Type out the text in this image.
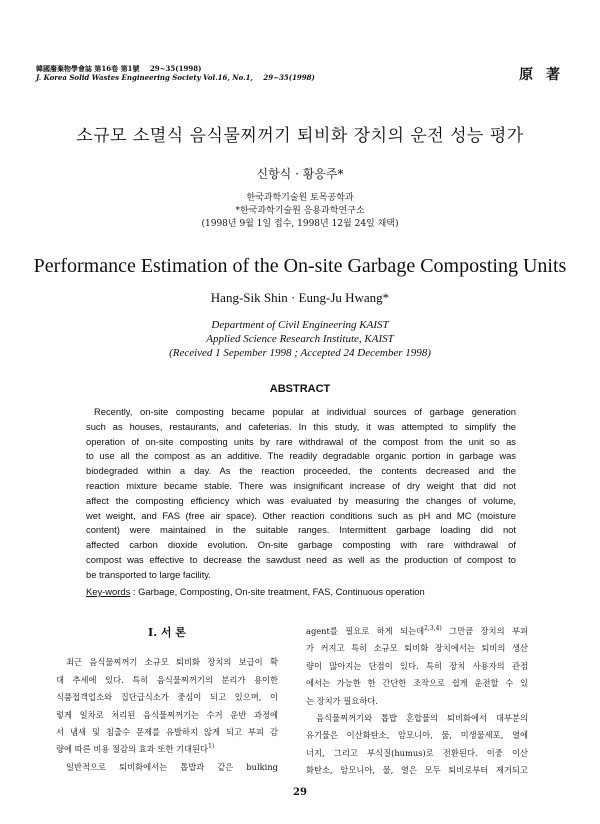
韓國廢棄物學會誌 第16卷 第1號 29~35(1998)
J. Korea Solid Wastes Engineering Society Vol.16, No.1, 29~35(1998)	原 著
소규모 소멸식 음식물찌꺼기 퇴비화 장치의 운전 성능 평가
신항식 · 황응주*
한국과학기술원 토목공학과
*한국과학기술원 응용과학연구소
(1998년 9월 1일 접수, 1998년 12월 24일 채택)
Performance Estimation of the On-site Garbage Composting Units
Hang-Sik Shin · Eung-Ju Hwang*
Department of Civil Engineering KAIST
Applied Science Research Institute, KAIST
(Received 1 Sepember 1998 ; Accepted 24 December 1998)
ABSTRACT
Recently, on-site composting became popular at individual sources of garbage generation
such as houses, restaurants, and cafeterias. In this study, it was attempted to simplify the
operation of on-site composting units by rare withdrawal of the compost from the unit so as
to use all the compost as an additive. The readily degradable organic portion in garbage was
biodegraded within a day. As the reaction proceeded, the contents decreased and the
reaction mixture became stable. There was insignificant increase of dry weight that did not
affect the composting efficiency which was evaluated by measuring the changes of volume,
wet weight, and FAS (free air space). Other reaction conditions such as pH and MC (moisture
content) were maintained in the suitable ranges. Intermittent garbage loading did not
affected carbon dioxide evolution. On-site garbage composting with rare withdrawal of
compost was effective to decrease the sawdust need as well as the production of compost to
be transported to large facility.
Key-words : Garbage, Composting, On-site treatment, FAS, Continuous operation
Ⅰ. 서 론
최근 음식물찌꺼기 소규모 퇴비화 장치의 보급이 확
대 추세에 있다. 특히 음식물찌꺼기의 분리가 용이한
식품접객업소와 집단급식소가 중심이 되고 있으며, 이
렇게 일차로 처리된 음식물찌꺼기는 수거 운반 과정에
서 냄새 및 침출수 문제를 유발하지 않게 되고 부피 감
량에 따른 비용 절감의 효과 또한 기대된다$^{1)}$
일반적으로 퇴비화에서는 톱밥과 같은 bulking
agent를 필요로 하게 되는데$^{2,3,4)}$ 그만큼 장치의 부피
가 커지고 특히 소규모 퇴비화 장치에서는 퇴비의 생산
량이 많아지는 단점이 있다. 특히 장치 사용자의 관점
에서는 가능한 한 간단한 조작으로 쉽게 운전할 수 있
는 장치가 필요하다.
음식물찌꺼기와 톱밥 혼합물의 퇴비화에서 대부분의
유기물은 이산화탄소, 암모니아, 물, 미생물세포, 열에
너지, 그리고 부식질(humus)로 전환된다. 이중 이산
화탄소, 암모니아, 물, 열은 모두 퇴비로부터 제거되고
29
